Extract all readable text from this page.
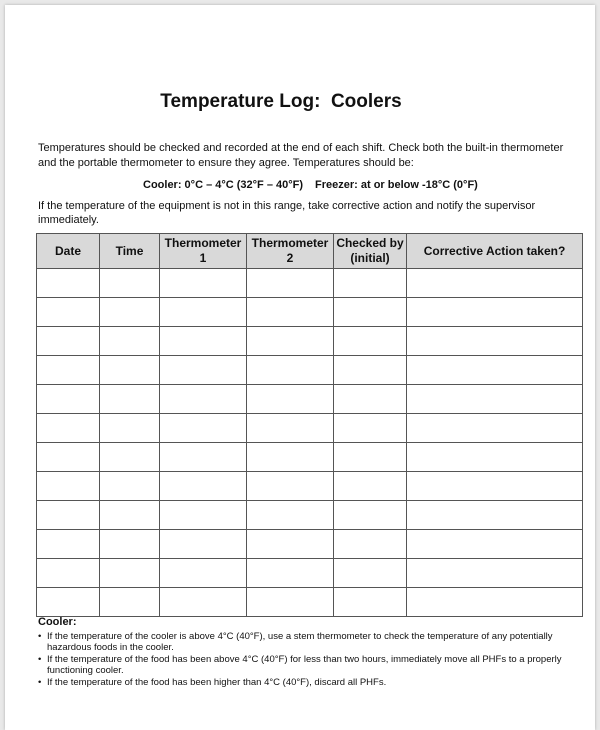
Temperature Log:  Coolers
Temperatures should be checked and recorded at the end of each shift. Check both the built-in thermometer and the portable thermometer to ensure they agree. Temperatures should be:
Cooler: 0°C – 4°C (32°F – 40°F) Freezer: at or below -18°C (0°F)
If the temperature of the equipment is not in this range, take corrective action and notify the supervisor immediately.
Date	Time	Thermometer 1	Thermometer 2	Checked by (initial)	Corrective Action taken?

Cooler:
• If the temperature of the cooler is above 4°C (40°F), use a stem thermometer to check the temperature of any potentially hazardous foods in the cooler.
• If the temperature of the food has been above 4°C (40°F) for less than two hours, immediately move all PHFs to a properly functioning cooler.
• If the temperature of the food has been higher than 4°C (40°F), discard all PHFs.
